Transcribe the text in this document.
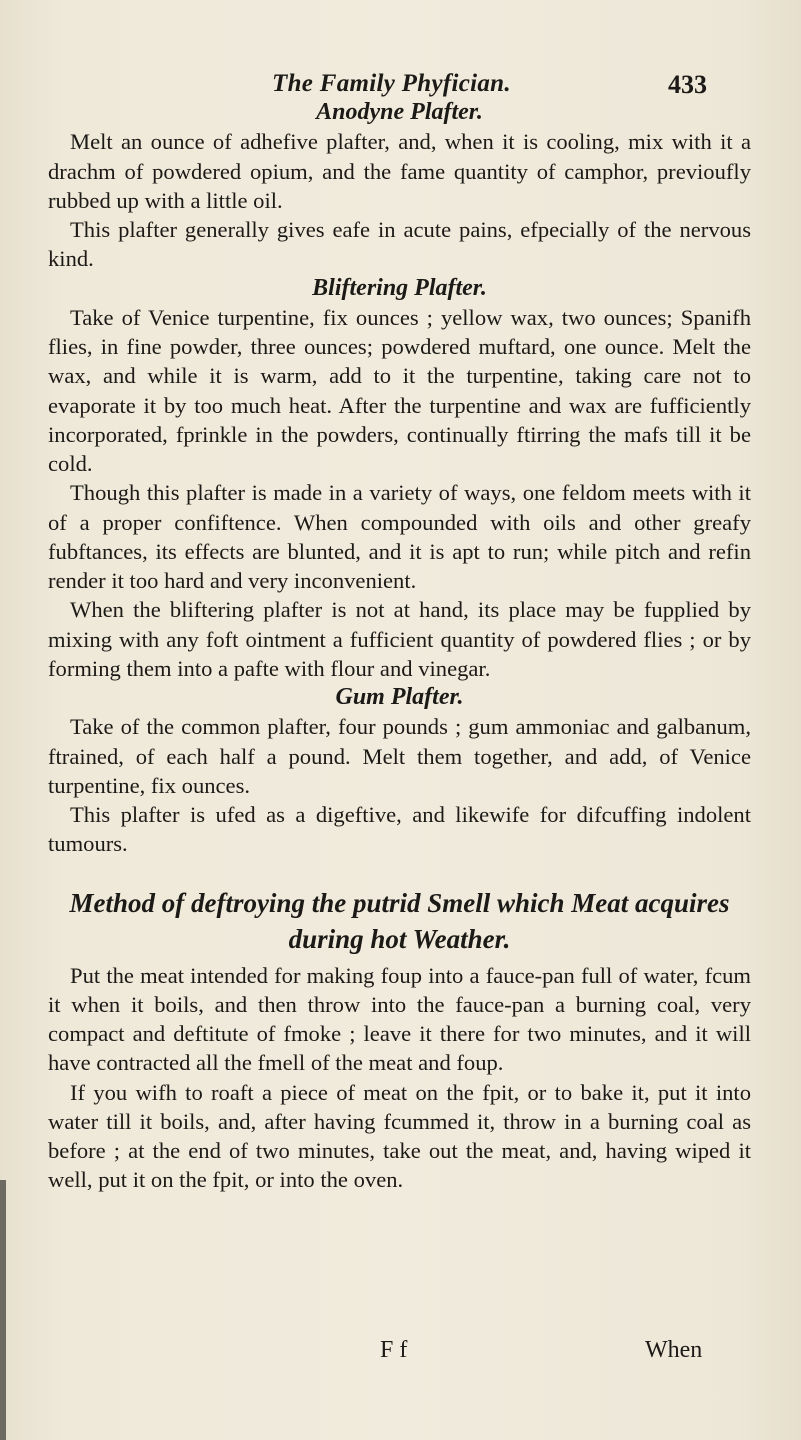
The Family Phyfician.	433
Anodyne Plafter.

Melt an ounce of adhefive plafter, and, when it is cooling, mix with it a drachm of powdered opium, and the fame quantity of camphor, previoufly rubbed up with a little oil.

This plafter generally gives eafe in acute pains, efpecially of the nervous kind.

Bliftering Plafter.

Take of Venice turpentine, fix ounces ; yellow wax, two ounces; Spanifh flies, in fine powder, three ounces; powdered muftard, one ounce. Melt the wax, and while it is warm, add to it the turpentine, taking care not to evaporate it by too much heat. After the turpentine and wax are fufficiently incorporated, fprinkle in the powders, continually ftirring the mafs till it be cold.

Though this plafter is made in a variety of ways, one feldom meets with it of a proper confiftence. When compounded with oils and other greafy fubftances, its effects are blunted, and it is apt to run; while pitch and refin render it too hard and very inconvenient.

When the bliftering plafter is not at hand, its place may be fupplied by mixing with any foft ointment a fufficient quantity of powdered flies ; or by forming them into a pafte with flour and vinegar.

Gum Plafter.

Take of the common plafter, four pounds ; gum ammoniac and galbanum, ftrained, of each half a pound. Melt them together, and add, of Venice turpentine, fix ounces.

This plafter is ufed as a digeftive, and likewife for difcuffing indolent tumours.

Method of deftroying the putrid Smell which Meat acquires
during hot Weather.

Put the meat intended for making foup into a fauce-pan full of water, fcum it when it boils, and then throw into the fauce-pan a burning coal, very compact and deftitute of fmoke ; leave it there for two minutes, and it will have contracted all the fmell of the meat and foup.

If you wifh to roaft a piece of meat on the fpit, or to bake it, put it into water till it boils, and, after having fcummed it, throw in a burning coal as before ; at the end of two minutes, take out the meat, and, having wiped it well, put it on the fpit, or into the oven.

F f	When
